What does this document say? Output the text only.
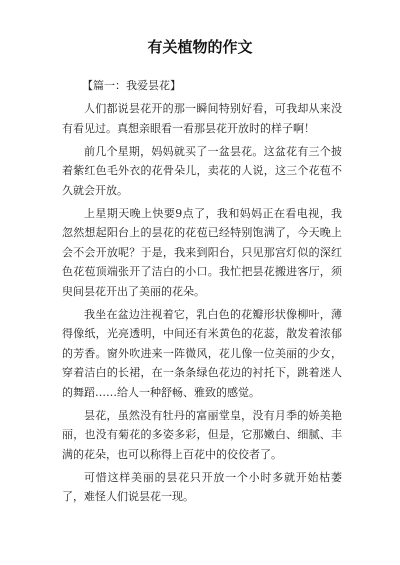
有关植物的作文
【篇一：我爱昙花】

人们都说昙花开的那一瞬间特别好看，可我却从来没有看见过。真想亲眼看一看那昙花开放时的样子啊！

前几个星期，妈妈就买了一盆昙花。这盆花有三个披着紫红色毛外衣的花骨朵儿，卖花的人说，这三个花苞不久就会开放。

上星期天晚上快要9点了，我和妈妈正在看电视，我忽然想起阳台上的昙花的花苞已经特别饱满了，今天晚上会不会开放呢？于是，我来到阳台，只见那宫灯似的深红色花苞顶端张开了洁白的小口。我忙把昙花搬进客厅，须臾间昙花开出了美丽的花朵。

我坐在盆边注视着它，乳白色的花瓣形状像柳叶，薄得像纸，光亮透明，中间还有米黄色的花蕊，散发着浓郁的芳香。窗外吹进来一阵微风，花儿像一位美丽的少女，穿着洁白的长裙，在一条条绿色花边的衬托下，跳着迷人的舞蹈……给人一种舒畅、雅致的感觉。

昙花，虽然没有牡丹的富丽堂皇，没有月季的娇美艳丽，也没有菊花的多姿多彩，但是，它那嫩白、细腻、丰满的花朵，也可以称得上百花中的佼佼者了。

可惜这样美丽的昙花只开放一个小时多就开始枯萎了，难怪人们说昙花一现。
